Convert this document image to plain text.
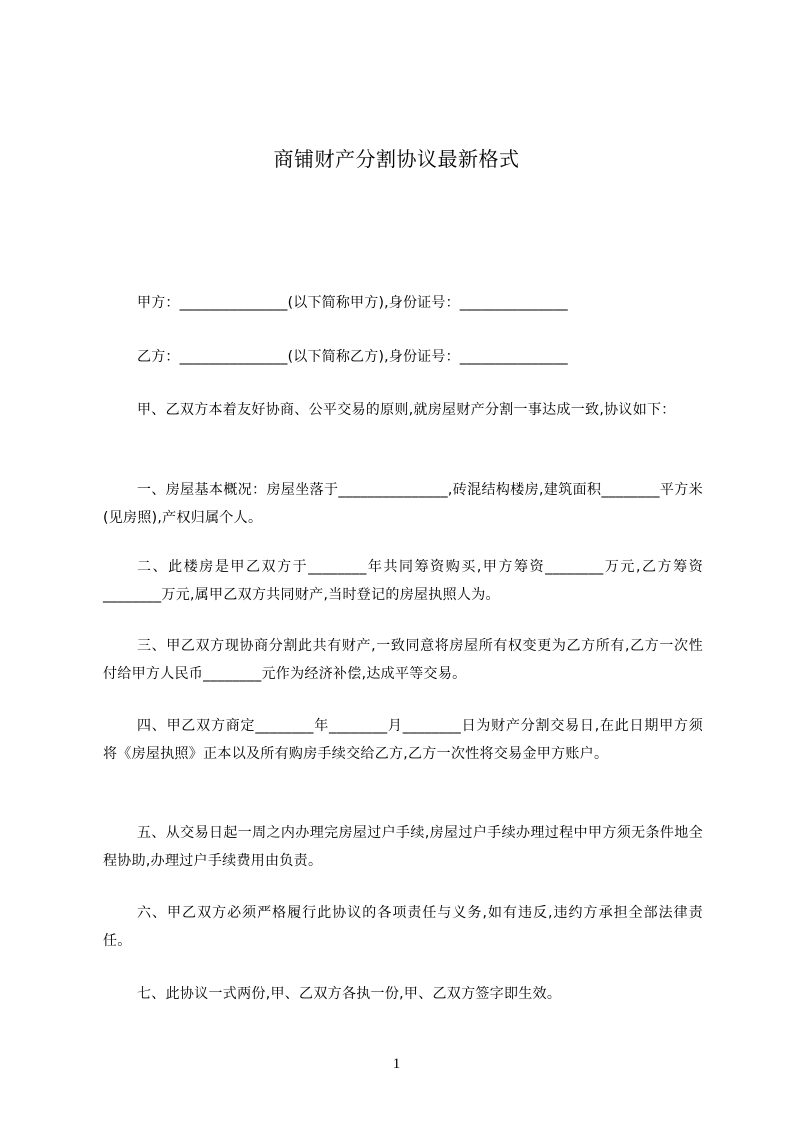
商铺财产分割协议最新格式
甲方：_______________(以下简称甲方),身份证号：_______________
乙方：_______________(以下简称乙方),身份证号：_______________
甲、乙双方本着友好协商、公平交易的原则,就房屋财产分割一事达成一致,协议如下：
一、房屋基本概况：房屋坐落于_______________,砖混结构楼房,建筑面积________平方米(见房照),产权归属个人。
二、此楼房是甲乙双方于________年共同筹资购买,甲方筹资________万元,乙方筹资________万元,属甲乙双方共同财产,当时登记的房屋执照人为。
三、甲乙双方现协商分割此共有财产,一致同意将房屋所有权变更为乙方所有,乙方一次性付给甲方人民币________元作为经济补偿,达成平等交易。
四、甲乙双方商定________年________月________日为财产分割交易日,在此日期甲方须将《房屋执照》正本以及所有购房手续交给乙方,乙方一次性将交易金甲方账户。
五、从交易日起一周之内办理完房屋过户手续,房屋过户手续办理过程中甲方须无条件地全程协助,办理过户手续费用由负责。
六、甲乙双方必须严格履行此协议的各项责任与义务,如有违反,违约方承担全部法律责任。
七、此协议一式两份,甲、乙双方各执一份,甲、乙双方签字即生效。
1
